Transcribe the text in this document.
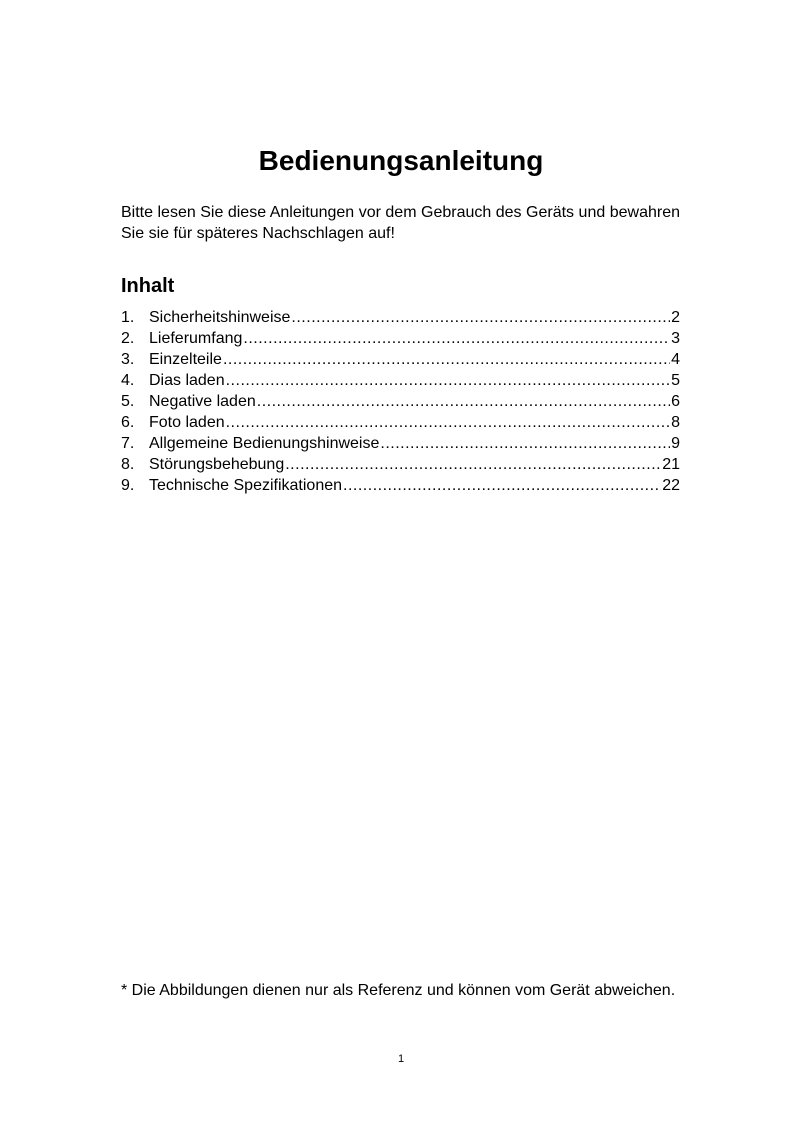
Bedienungsanleitung

Bitte lesen Sie diese Anleitungen vor dem Gebrauch des Geräts und bewahren Sie sie für späteres Nachschlagen auf!

Inhalt
1. Sicherheitshinweise .....	2
2. Lieferumfang .....	3
3. Einzelteile .....	4
4. Dias laden .....	5
5. Negative laden .....	6
6. Foto laden .....	8
7. Allgemeine Bedienungshinweise .....	9
8. Störungsbehebung .....	21
9. Technische Spezifikationen .....	22

* Die Abbildungen dienen nur als Referenz und können vom Gerät abweichen.

1
